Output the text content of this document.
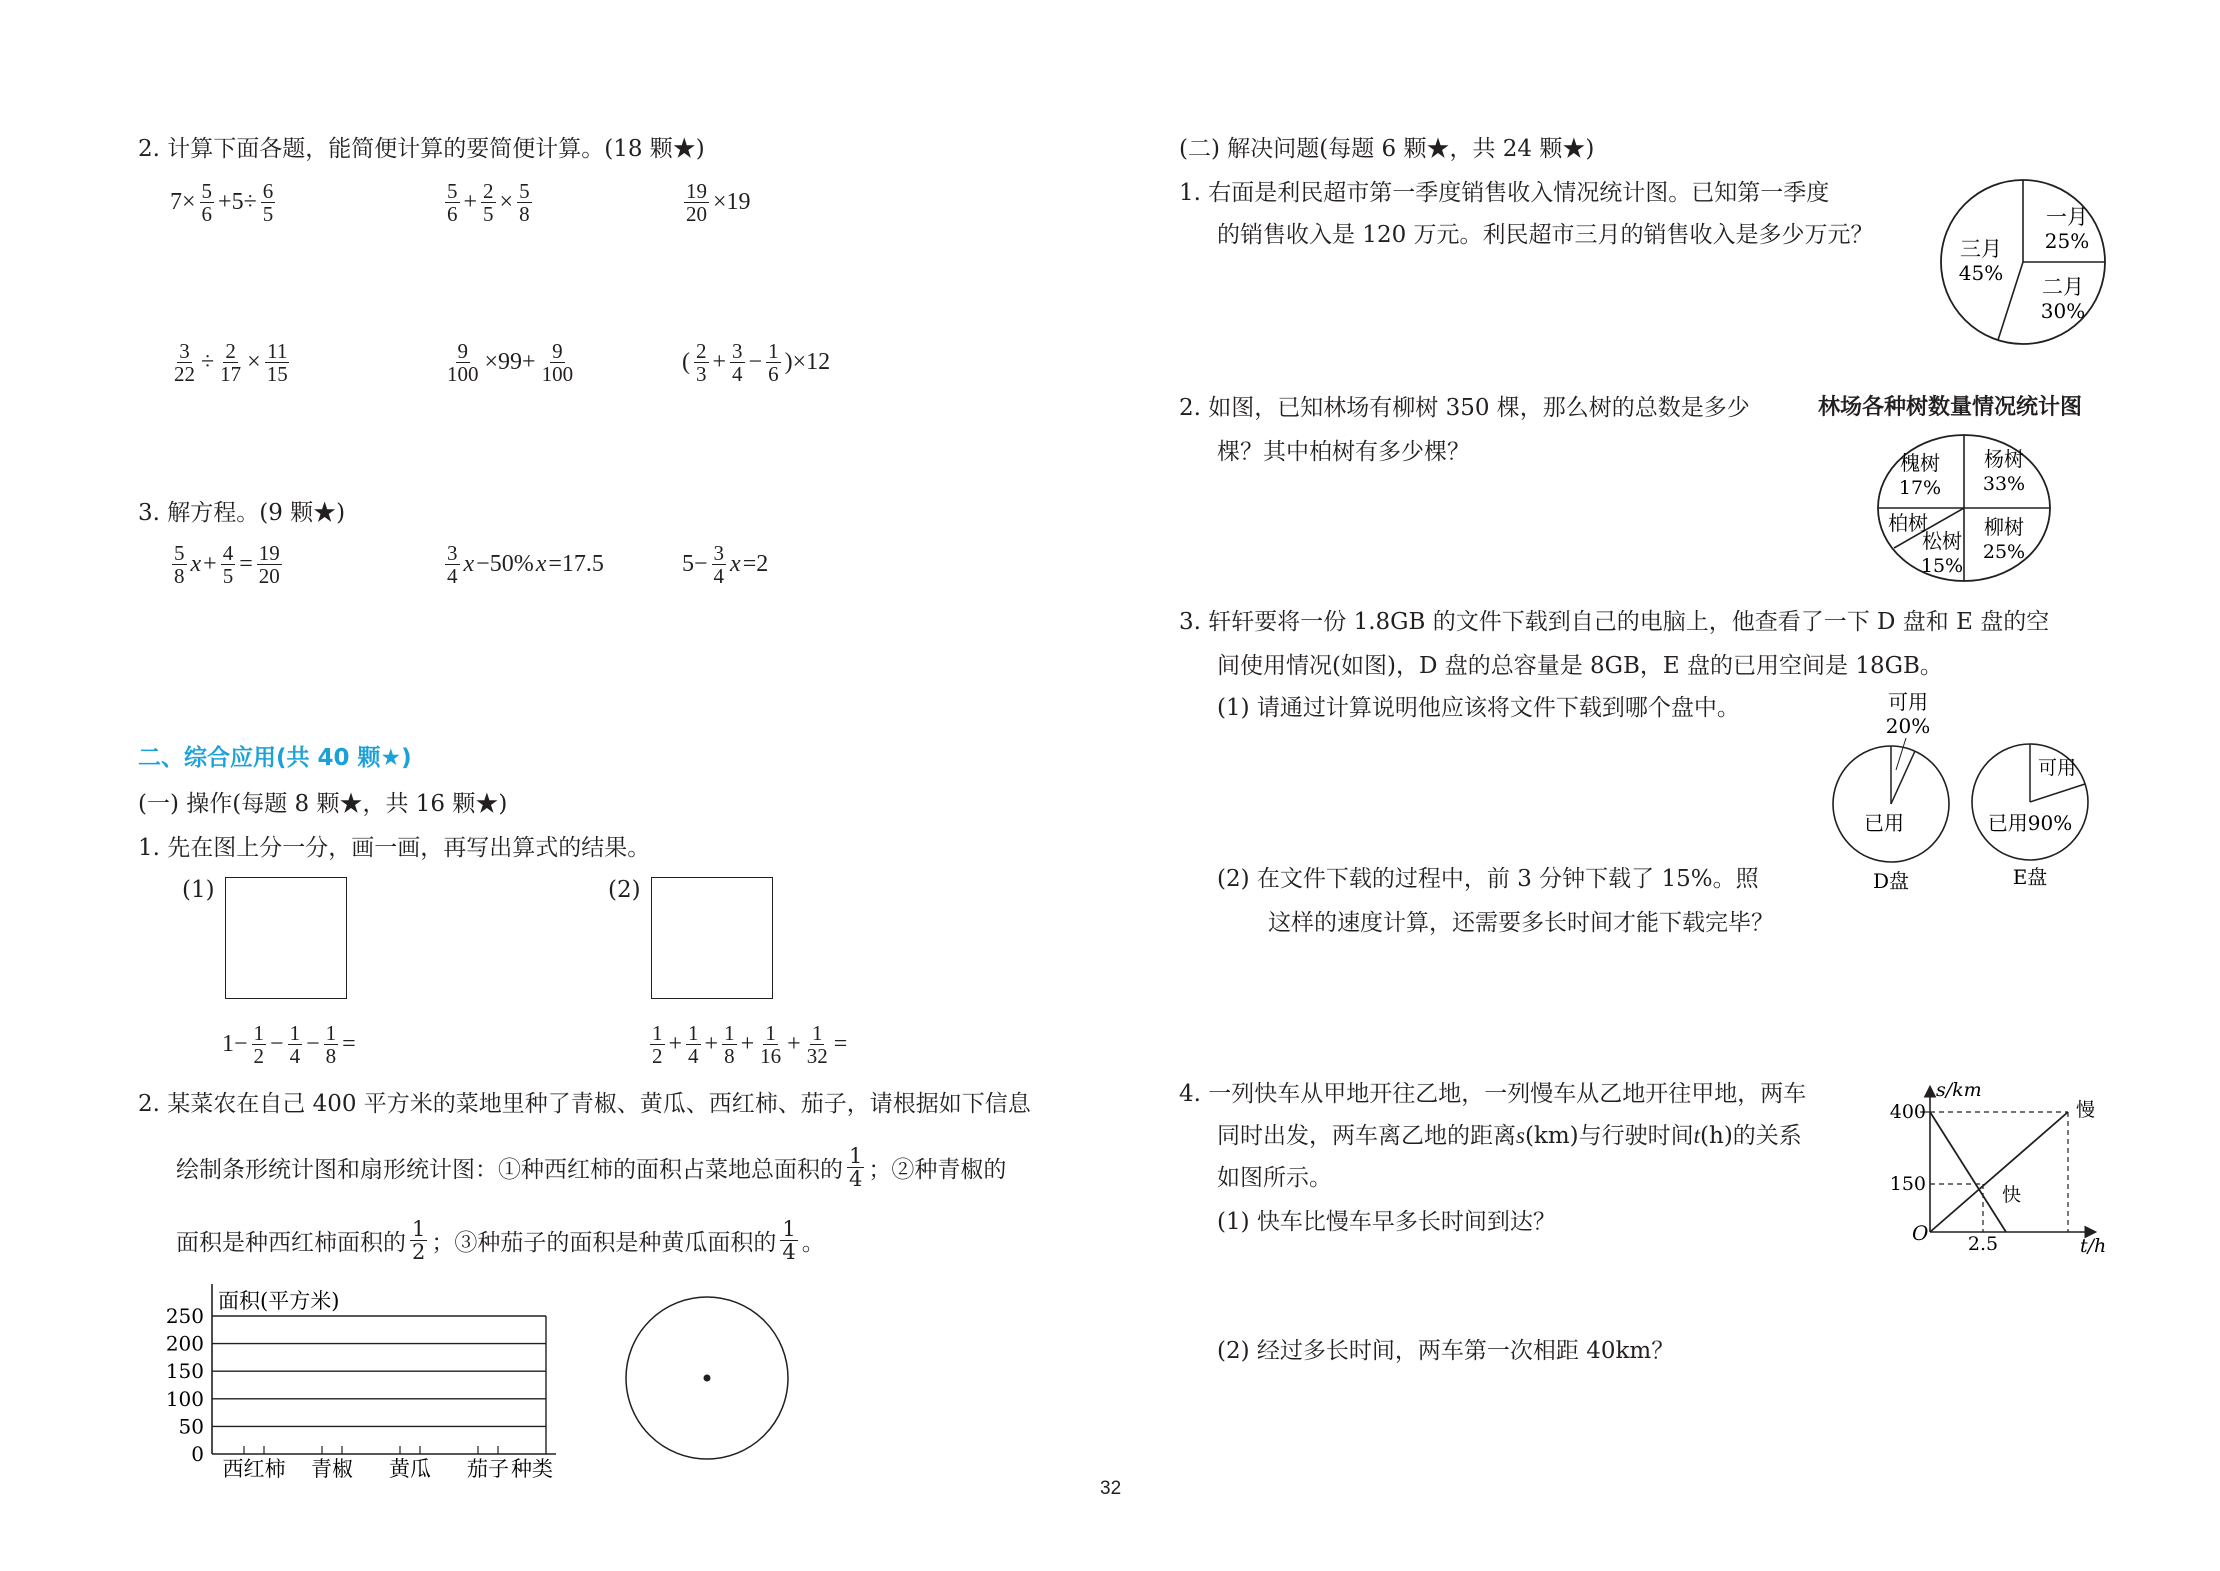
2. 计算下面各题，能简便计算的要简便计算。(18 颗★)
$7\times \frac{5}{6} +5\div \frac{6}{5}$	$\frac{5}{6} + \frac{2}{5} \times \frac{5}{8}$	$\frac{19}{20} \times 19$
$\frac{3}{22} \div \frac{2}{17} \times \frac{11}{15}$	$\frac{9}{100} \times 99+ \frac{9}{100}$	( $\frac{2}{3} + \frac{3}{4} - \frac{1}{6} )\times 12$
3. 解方程。(9 颗★)
$\frac{5}{8}$ $x + \frac{4}{5} = \frac{19}{20}$	$\frac{3}{4}$ x −50% x =17.5	$5- \frac{3}{4}$ x =2
二、综合应用(共 40 颗★)
(一) 操作(每题 8 颗★，共 16 颗★)
1. 先在图上分一分，画一画，再写出算式的结果。
(1)	(2)
$1- \frac{1}{2} - \frac{1}{4} - \frac{1}{8}$ =	$\frac{1}{2} + \frac{1}{4} + \frac{1}{8} + \frac{1}{16} + \frac{1}{32}$ =
2. 某菜农在自己 400 平方米的菜地里种了青椒、黄瓜、西红柿、茄子，请根据如下信息
绘制条形统计图和扇形统计图：①种西红柿的面积占菜地总面积的 $\frac{1}{4}$ ；②种青椒的
面积是种西红柿面积的 $\frac{1}{2}$ ；③种茄子的面积是种黄瓜面积的 $\frac{1}{4}$ 。
面积(平方米)
250
200
150
100
50
0
西红柿 青椒 黄瓜 茄子 种类
(二) 解决问题(每题 6 颗★，共 24 颗★)
1. 右面是利民超市第一季度销售收入情况统计图。已知第一季度
的销售收入是 120 万元。利民超市三月的销售收入是多少万元？
一月
25%
二月
30%
三月
45%
2. 如图，已知林场有柳树 350 棵，那么树的总数是多少
棵？其中柏树有多少棵？
林场各种树数量情况统计图
槐树
17%
杨树
33%
柏树	柳树
25%
松树
15%
3. 轩轩要将一份 1.8GB 的文件下载到自己的电脑上，他查看了一下 D 盘和 E 盘的空
间使用情况(如图)，D 盘的总容量是 8GB，E 盘的已用空间是 18GB。
(1) 请通过计算说明他应该将文件下载到哪个盘中。
(2) 在文件下载的过程中，前 3 分钟下载了 15%。照
这样的速度计算，还需要多长时间才能下载完毕？
可用
20%
已用
D盘
可用
已用90%
E盘
4. 一列快车从甲地开往乙地，一列慢车从乙地开往甲地，两车
同时出发，两车离乙地的距离s(km)与行驶时间t(h)的关系
如图所示。
(1) 快车比慢车早多长时间到达？
(2) 经过多长时间，两车第一次相距 40km？
s/km
t/h
400
150
O 2.5
慢
快
32
